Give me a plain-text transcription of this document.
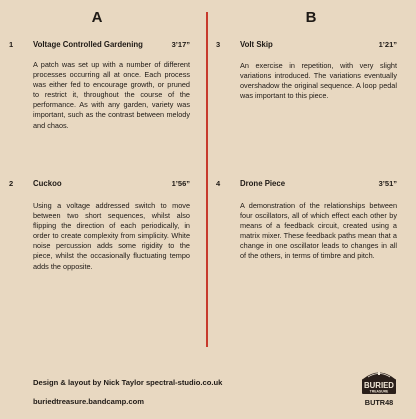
A	B
1	Voltage Controlled Gardening	3’17”
A patch was set up with a number of different processes occurring all at once. Each process was either fed to encourage growth, or pruned to restrict it, throughout the course of the performance. As with any garden, variety was important, such as the contrast between melody and chaos.
2	Cuckoo	1’56”
Using a voltage addressed switch to move between two short sequences, whilst also flipping the direction of each periodically, in order to create complexity from simplicity. White noise percussion adds some rigidity to the piece, whilst the occasionally fluctuating tempo adds the opposite.
3	Volt Skip	1’21”
An exercise in repetition, with very slight variations introduced. The variations eventually overshadow the original sequence. A loop pedal was important to this piece.
4	Drone Piece	3’51”
A demonstration of the relationships between four oscillators, all of which effect each other by means of a feedback circuit, created using a matrix mixer. These feedback paths mean that a change in one oscillator leads to changes in all of the others, in terms of timbre and pitch.
Design & layout by Nick Taylor spectral-studio.co.uk
buriedtreasure.bandcamp.com
BURIED
TREASURE
BUTR48
